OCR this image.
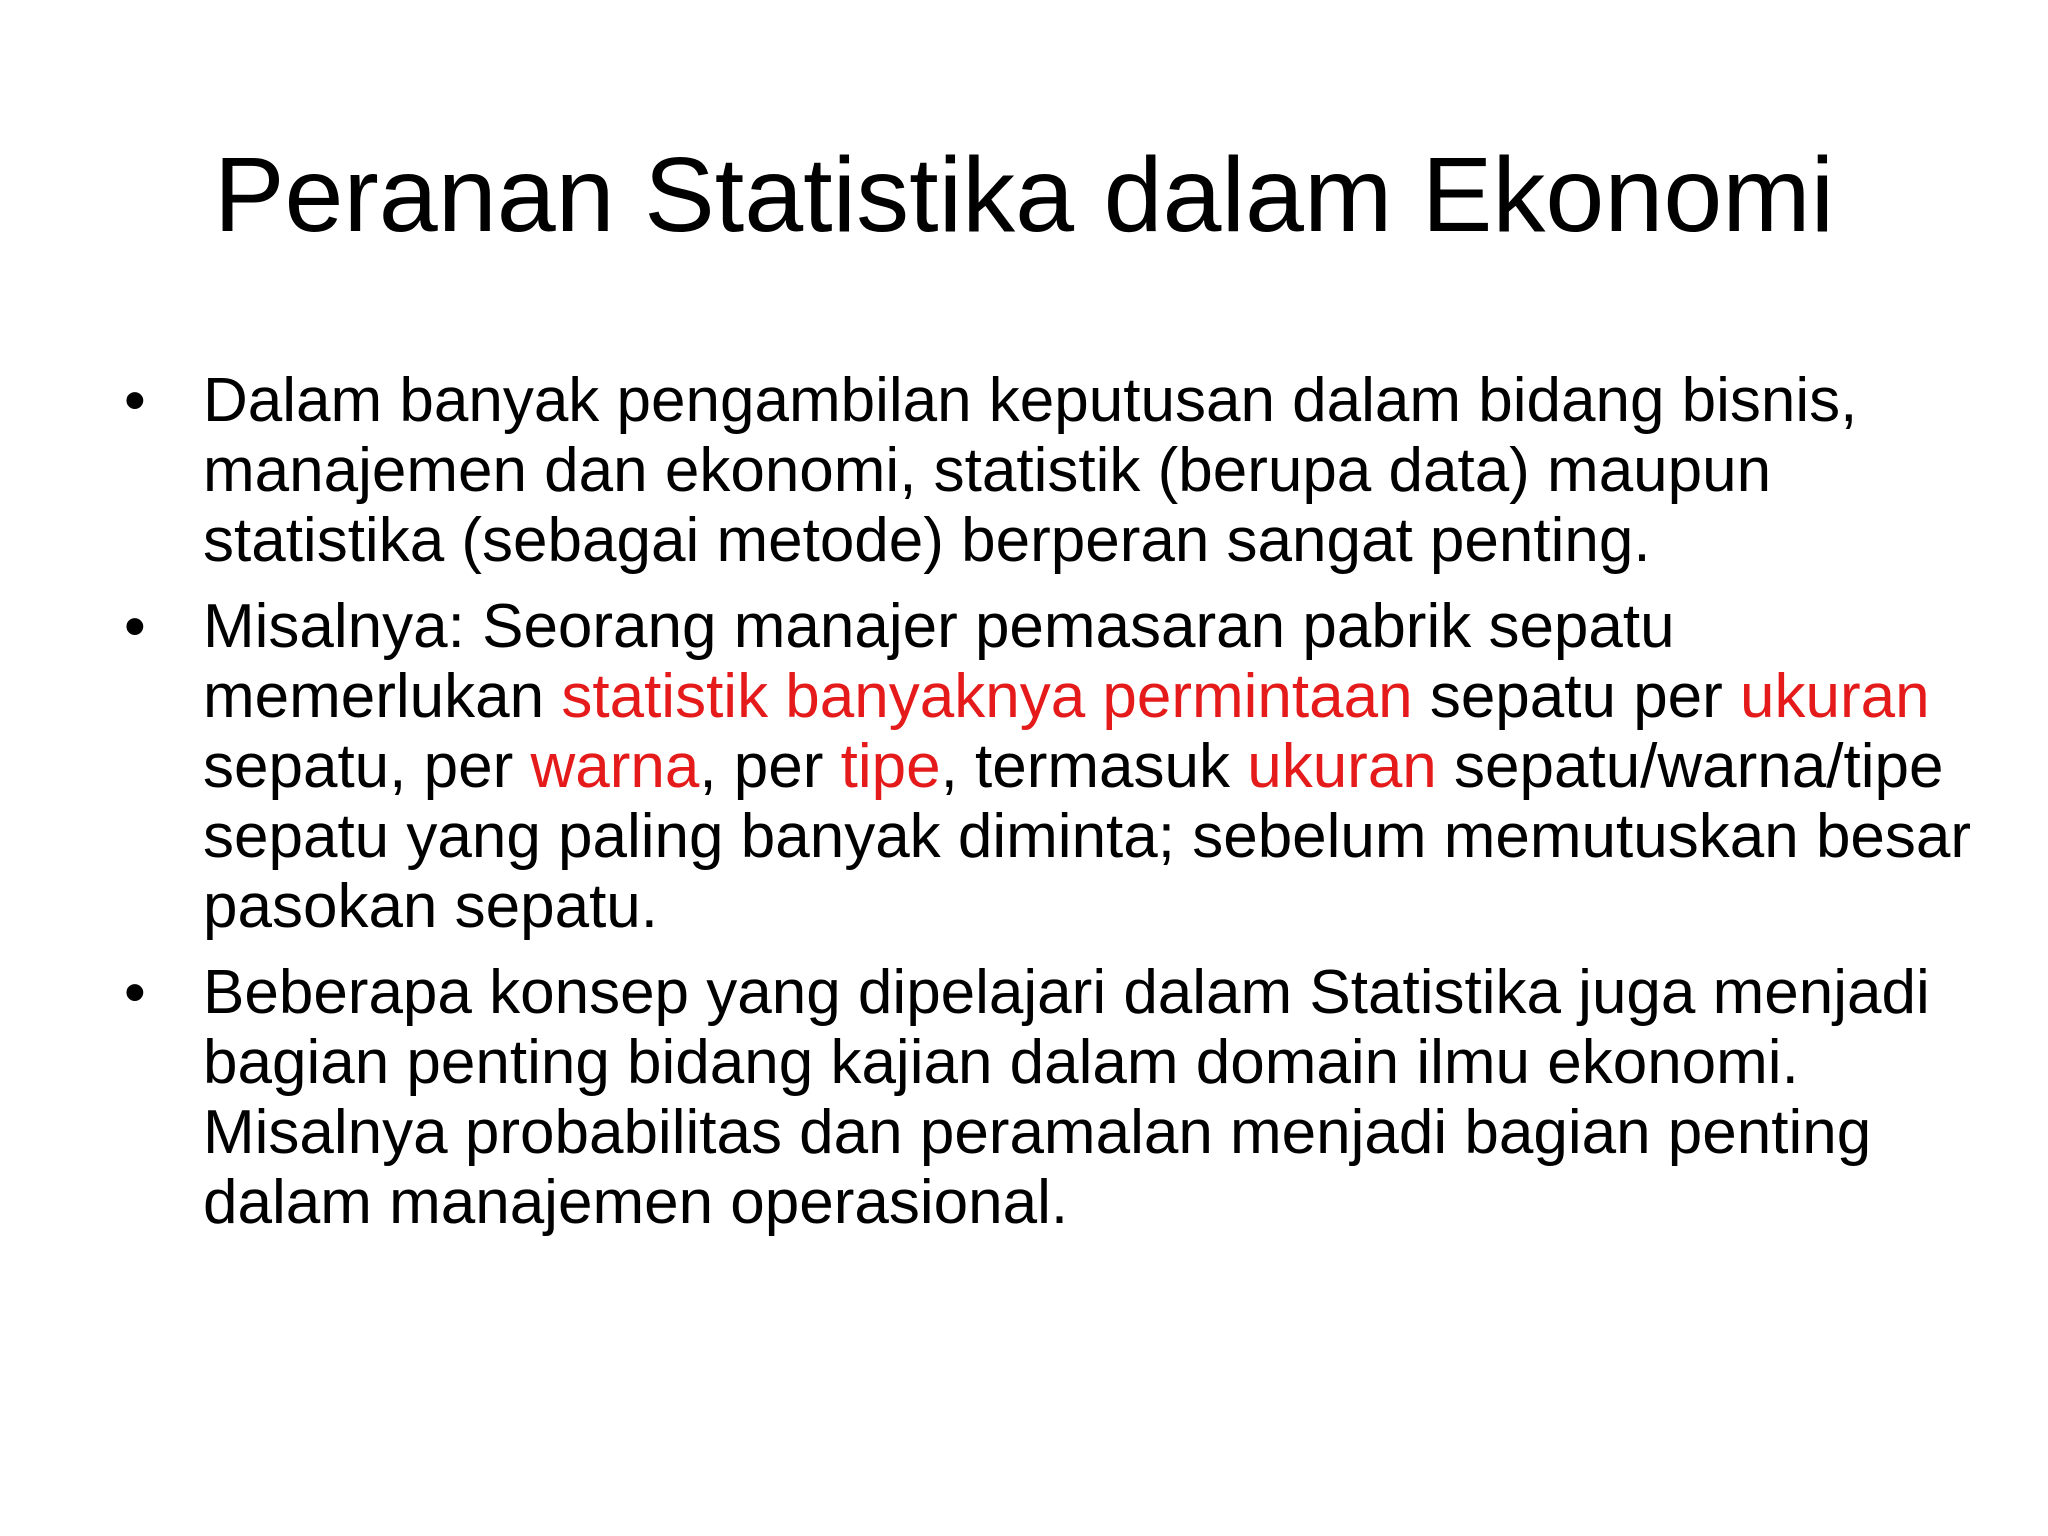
Peranan Statistika dalam Ekonomi
• Dalam banyak pengambilan keputusan dalam bidang bisnis, manajemen dan ekonomi, statistik (berupa data) maupun statistika (sebagai metode) berperan sangat penting.
• Misalnya: Seorang manajer pemasaran pabrik sepatu memerlukan statistik banyaknya permintaan sepatu per ukuran sepatu, per warna, per tipe, termasuk ukuran sepatu/warna/tipe sepatu yang paling banyak diminta; sebelum memutuskan besar pasokan sepatu.
• Beberapa konsep yang dipelajari dalam Statistika juga menjadi bagian penting bidang kajian dalam domain ilmu ekonomi. Misalnya probabilitas dan peramalan menjadi bagian penting dalam manajemen operasional.
